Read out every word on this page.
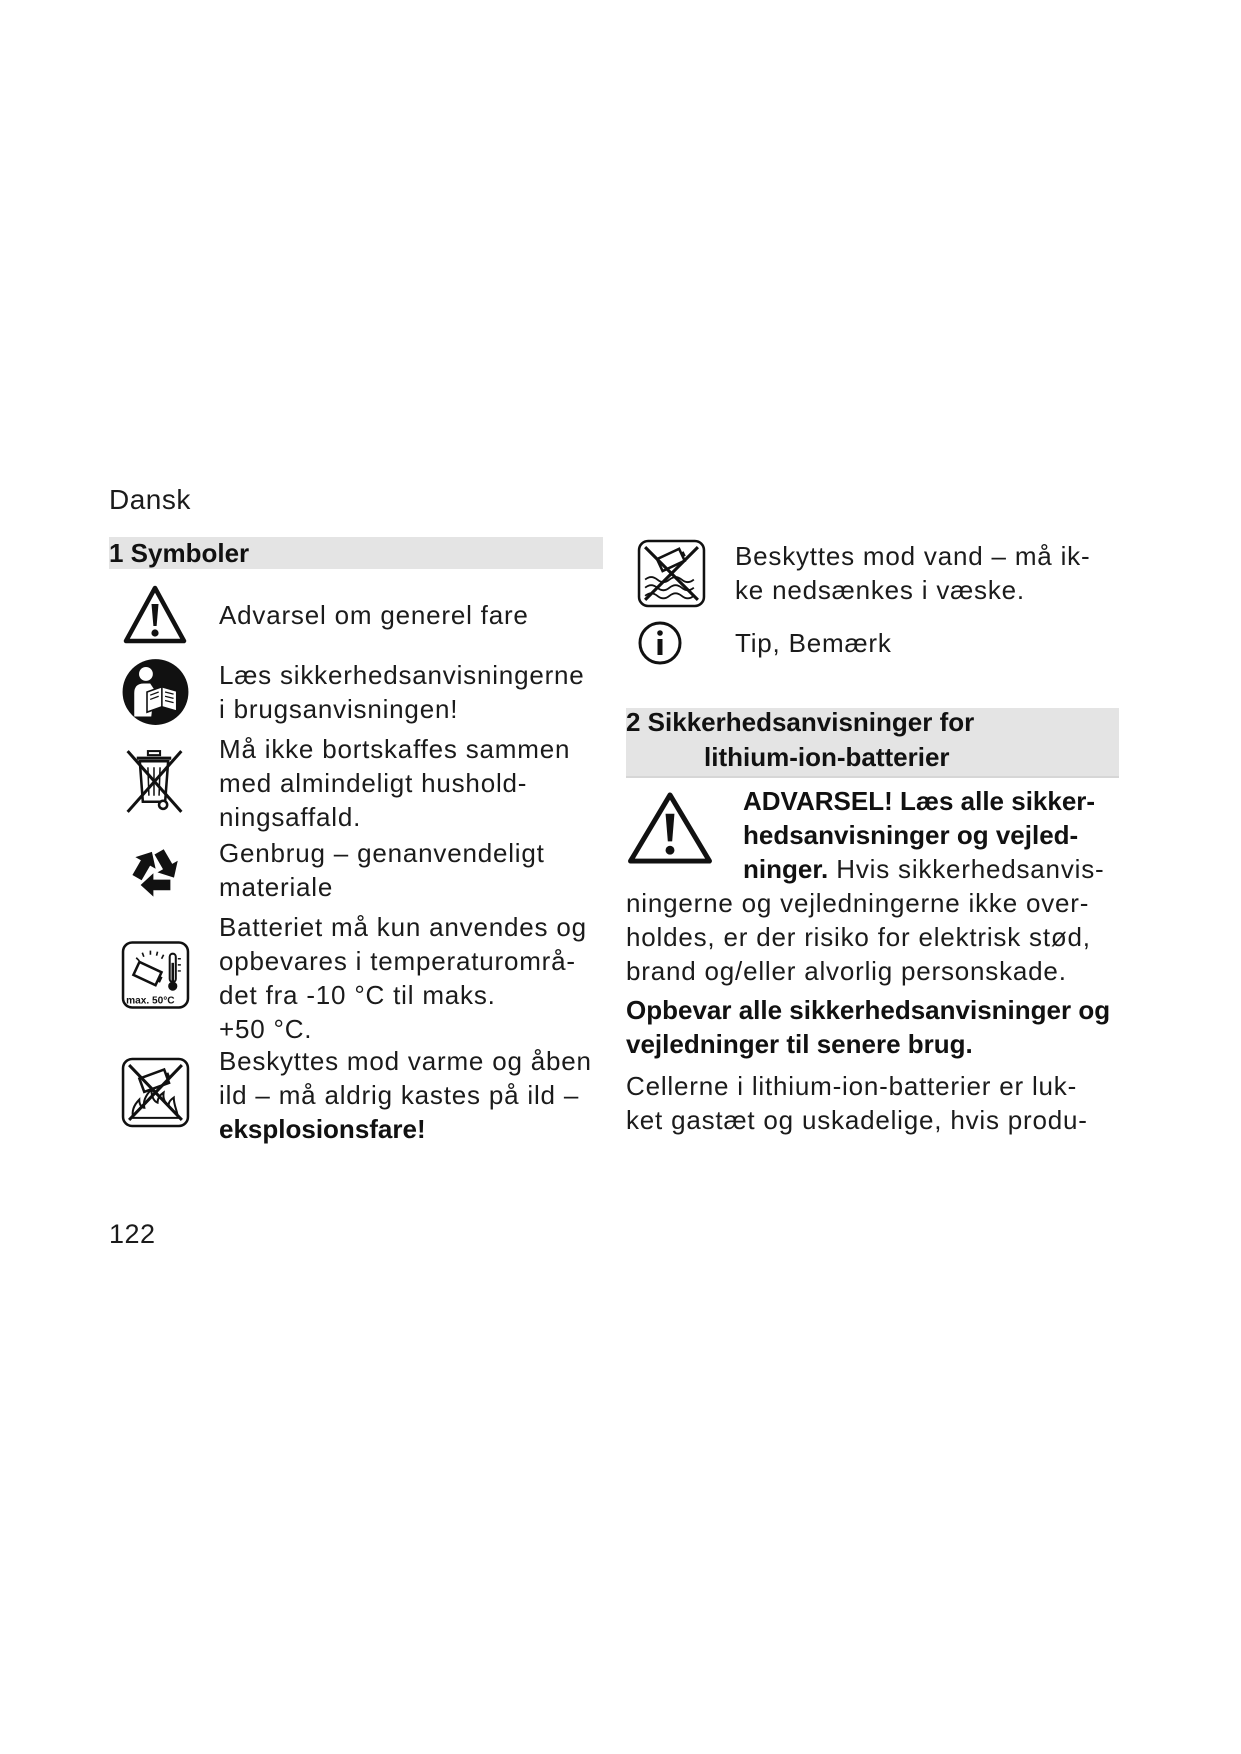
Dansk
1 Symboler
Advarsel om generel fare
Læs sikkerhedsanvisningerne
i brugsanvisningen!
Må ikke bortskaffes sammen
med almindeligt hushold-
ningsaffald.
Genbrug – genanvendeligt
materiale
max. 50°C
Batteriet må kun anvendes og
opbevares i temperaturområ-
det fra -10 °C til maks.
+50 °C.
Beskyttes mod varme og åben
ild – må aldrig kastes på ild –
eksplosionsfare!
Beskyttes mod vand – må ik-
ke nedsænkes i væske.
Tip, Bemærk
2 Sikkerhedsanvisninger for
lithium-ion-batterier
ADVARSEL! Læs alle sikker-
hedsanvisninger og vejled-
ninger. Hvis sikkerhedsanvis-
ningerne og vejledningerne ikke over-
holdes, er der risiko for elektrisk stød,
brand og/eller alvorlig personskade.
Opbevar alle sikkerhedsanvisninger og
vejledninger til senere brug.
Cellerne i lithium-ion-batterier er luk-
ket gastæt og uskadelige, hvis produ-
122
